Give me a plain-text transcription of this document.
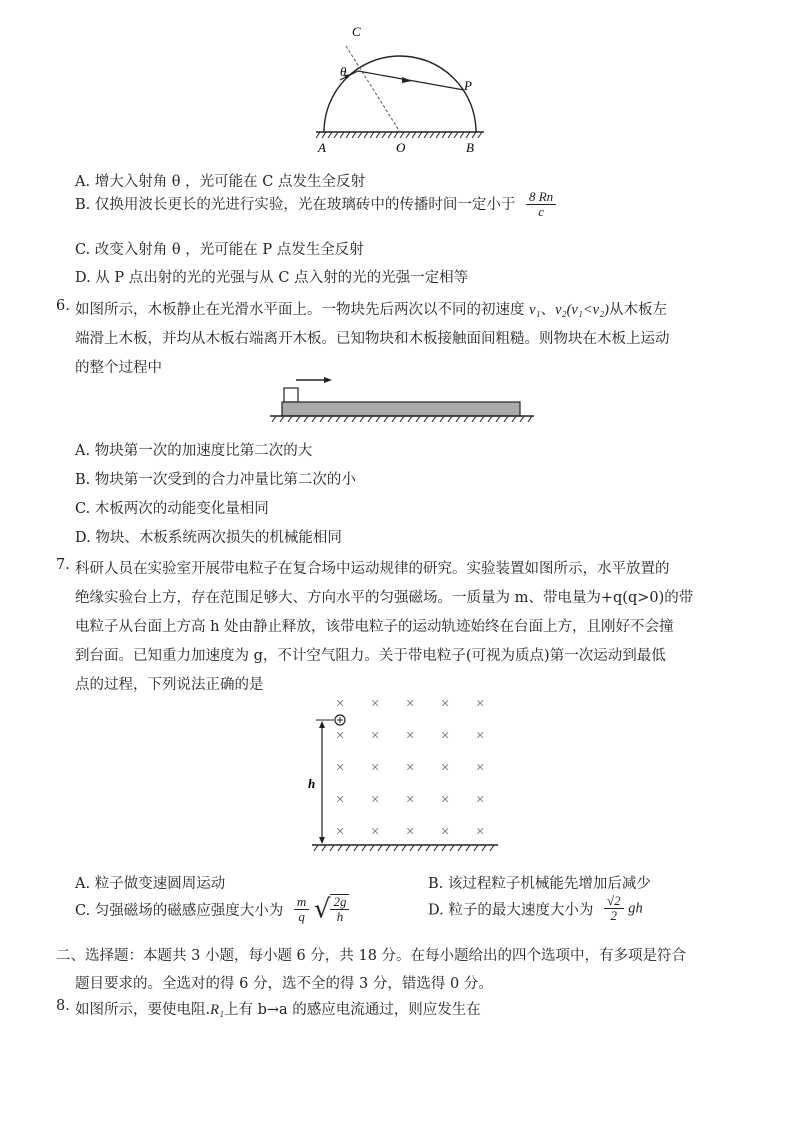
C
θ
P
A	O	B
A. 增大入射角 θ ，光可能在 C 点发生全反射
B. 仅换用波长更长的光进行实验，光在玻璃砖中的传播时间一定小于 $\frac{8 Rn}{c}$
C. 改变入射角 θ ，光可能在 P 点发生全反射
D. 从 P 点出射的光的光强与从 C 点入射的光的光强一定相等
6. 如图所示，木板静止在光滑水平面上。一物块先后两次以不同的初速度 v₁、v₂(v₁<v₂)从木板左
端滑上木板，并均从木板右端离开木板。已知物块和木板接触面间粗糙。则物块在木板上运动
的整个过程中
A. 物块第一次的加速度比第二次的大
B. 物块第一次受到的合力冲量比第二次的小
C. 木板两次的动能变化量相同
D. 物块、木板系统两次损失的机械能相同
7. 科研人员在实验室开展带电粒子在复合场中运动规律的研究。实验装置如图所示，水平放置的
绝缘实验台上方，存在范围足够大、方向水平的匀强磁场。一质量为 m、带电量为+q(q>0)的带
电粒子从台面上方高 h 处由静止释放，该带电粒子的运动轨迹始终在台面上方，且刚好不会撞
到台面。已知重力加速度为 g，不计空气阻力。关于带电粒子(可视为质点)第一次运动到最低
点的过程，下列说法正确的是
× × × × ×
× × × × ×
× × × × ×
× × × × ×
× × × × ×
h
A. 粒子做变速圆周运动	B. 该过程粒子机械能先增加后减少
C. 匀强磁场的磁感应强度大小为 $\frac{m}{q}$ √ $\frac{2g}{h}$	D. 粒子的最大速度大小为 $\frac{√2}{2}$ gh
二、选择题：本题共 3 小题，每小题 6 分，共 18 分。在每小题给出的四个选项中，有多项是符合
题目要求的。全选对的得 6 分，选不全的得 3 分，错选得 0 分。
8. 如图所示，要使电阻.R₁上有 b→a 的感应电流通过，则应发生在
